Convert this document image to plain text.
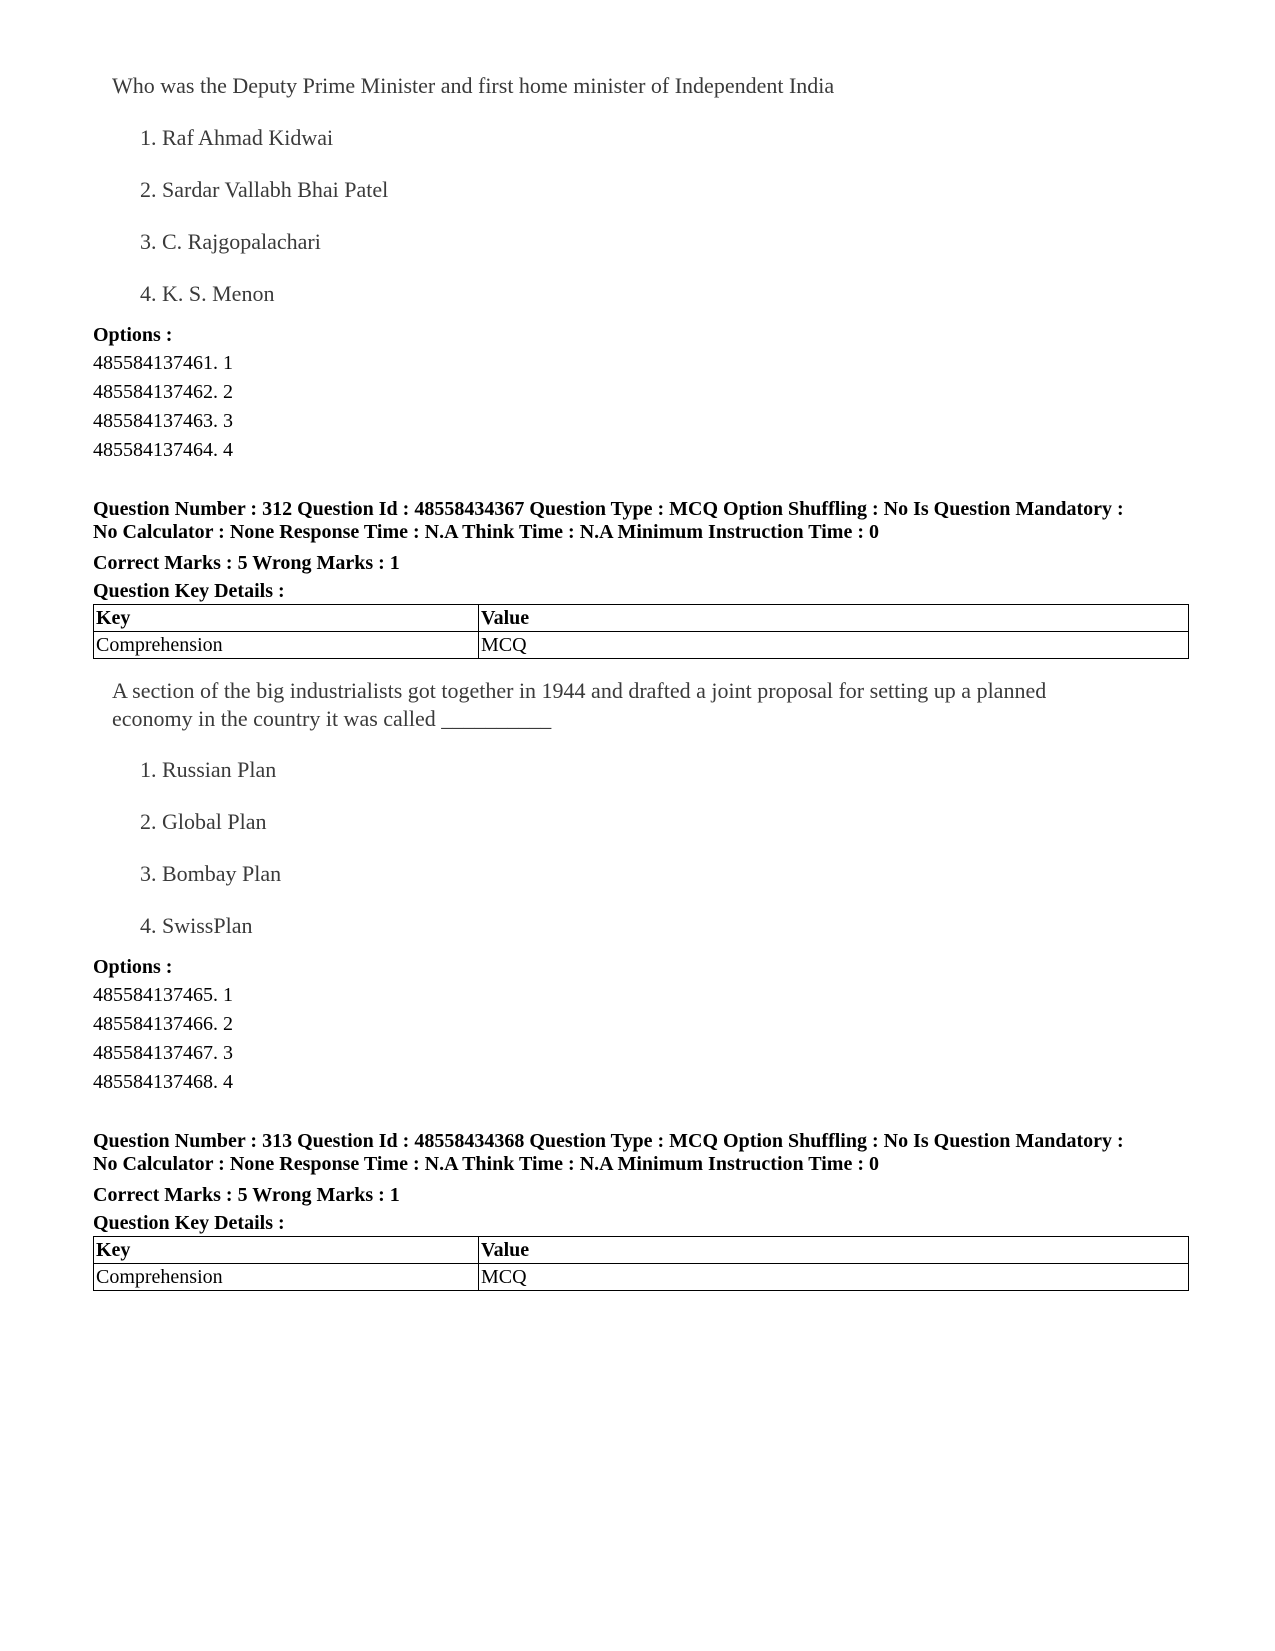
Who was the Deputy Prime Minister and first home minister of Independent India

1. Raf Ahmad Kidwai
2. Sardar Vallabh Bhai Patel
3. C. Rajgopalachari
4. K. S. Menon
Options :
485584137461. 1
485584137462. 2
485584137463. 3
485584137464. 4
Question Number : 312 Question Id : 48558434367 Question Type : MCQ Option Shuffling : No Is Question Mandatory :
No Calculator : None Response Time : N.A Think Time : N.A Minimum Instruction Time : 0
Correct Marks : 5 Wrong Marks : 1
Question Key Details :
Key	Value
Comprehension	MCQ

A section of the big industrialists got together in 1944 and drafted a joint proposal for setting up a planned

economy in the country it was called __________

1. Russian Plan
2. Global Plan
3. Bombay Plan
4. SwissPlan
Options :
485584137465. 1
485584137466. 2
485584137467. 3
485584137468. 4
Question Number : 313 Question Id : 48558434368 Question Type : MCQ Option Shuffling : No Is Question Mandatory :
No Calculator : None Response Time : N.A Think Time : N.A Minimum Instruction Time : 0
Correct Marks : 5 Wrong Marks : 1
Question Key Details :
Key	Value
Comprehension	MCQ
